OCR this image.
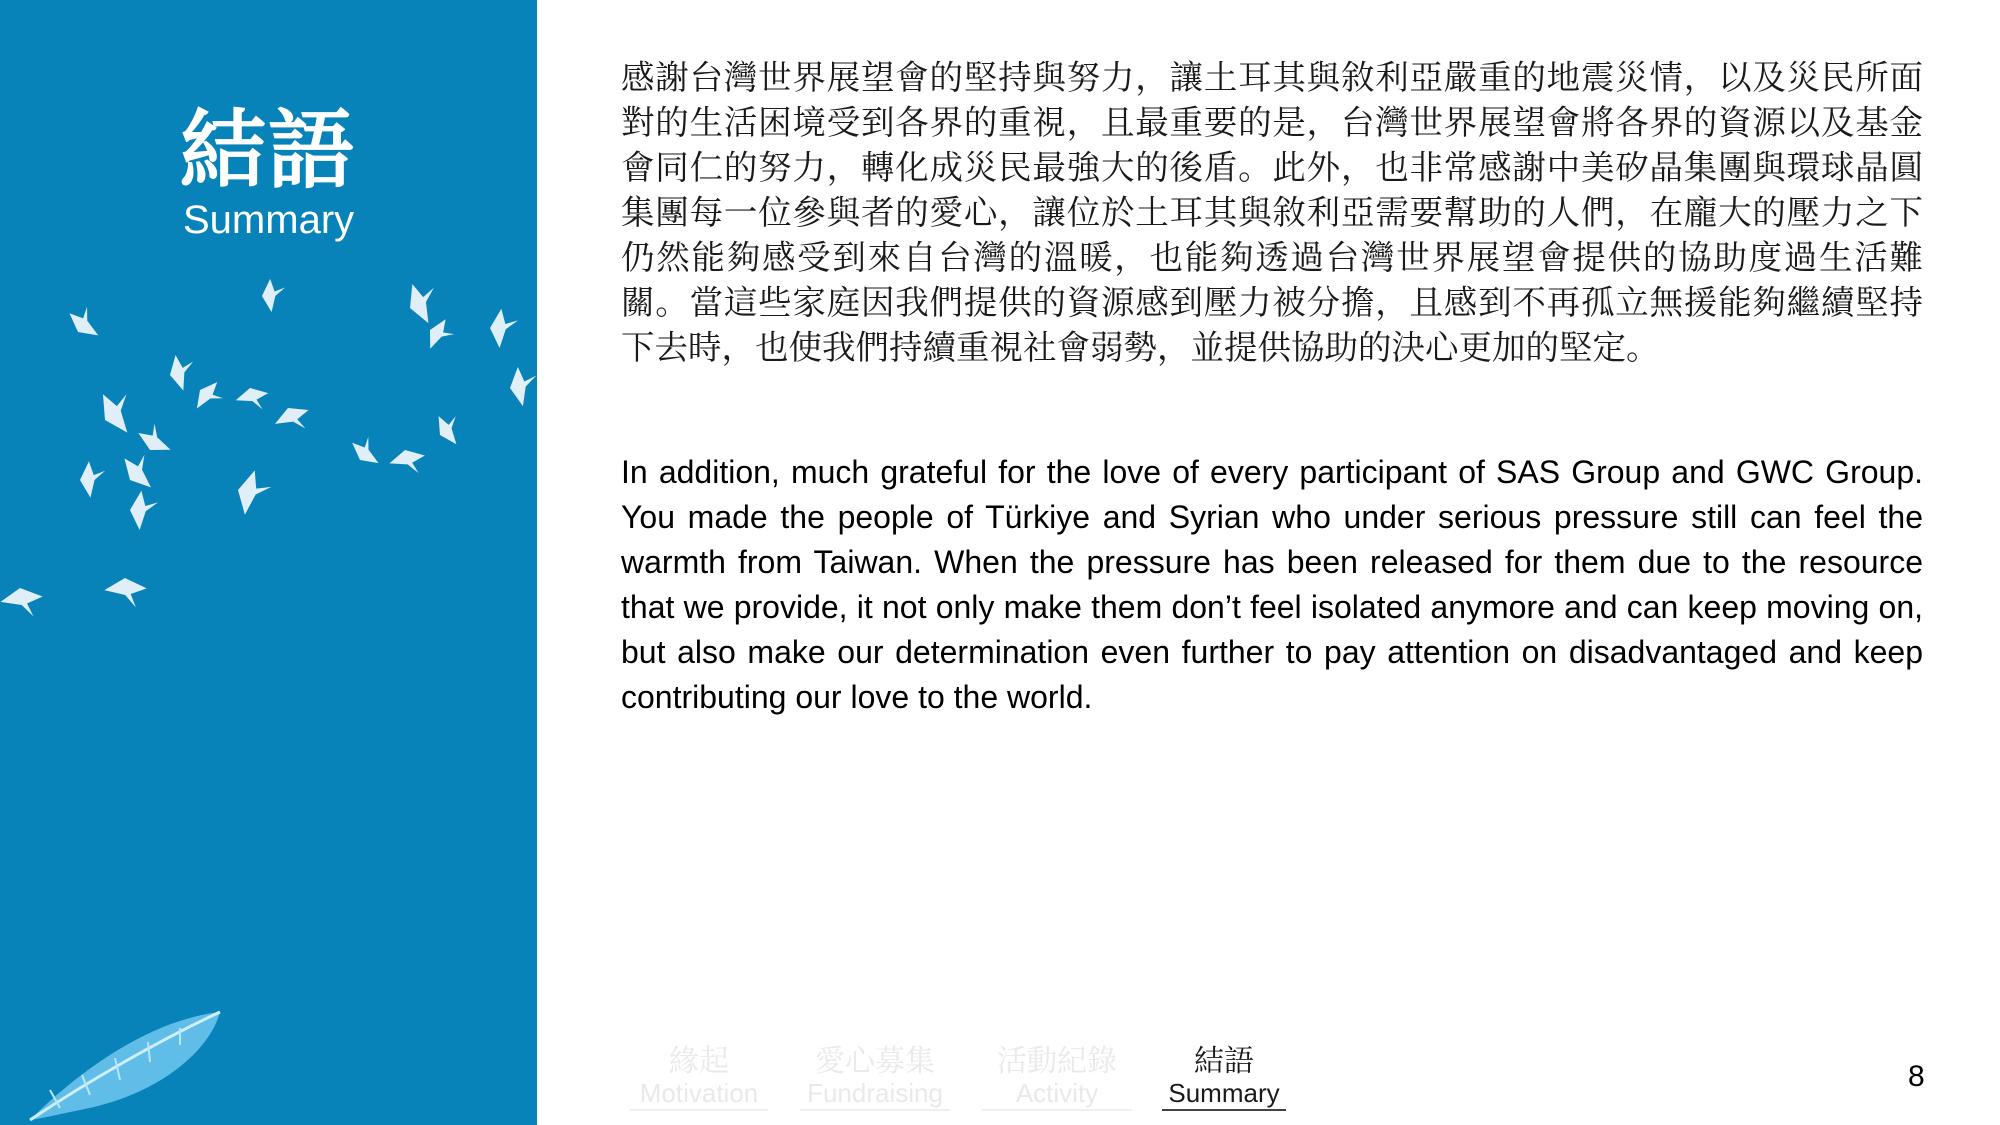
結語
Summary

感謝台灣世界展望會的堅持與努力，讓土耳其與敘利亞嚴重的地震災情，以及災民所面對的生活困境受到各界的重視，且最重要的是，台灣世界展望會將各界的資源以及基金會同仁的努力，轉化成災民最強大的後盾。此外，也非常感謝中美矽晶集團與環球晶圓集團每一位參與者的愛心，讓位於土耳其與敘利亞需要幫助的人們，在龐大的壓力之下仍然能夠感受到來自台灣的溫暖，也能夠透過台灣世界展望會提供的協助度過生活難關。當這些家庭因我們提供的資源感到壓力被分擔，且感到不再孤立無援能夠繼續堅持下去時，也使我們持續重視社會弱勢，並提供協助的決心更加的堅定。

In addition, much grateful for the love of every participant of SAS Group and GWC Group. You made the people of Türkiye and Syrian who under serious pressure still can feel the warmth from Taiwan. When the pressure has been released for them due to the resource that we provide, it not only make them don’t feel isolated anymore and can keep moving on, but also make our determination even further to pay attention on disadvantaged and keep contributing our love to the world.

緣起
Motivation
愛心募集
Fundraising
活動紀錄
Activity
結語
Summary	8
